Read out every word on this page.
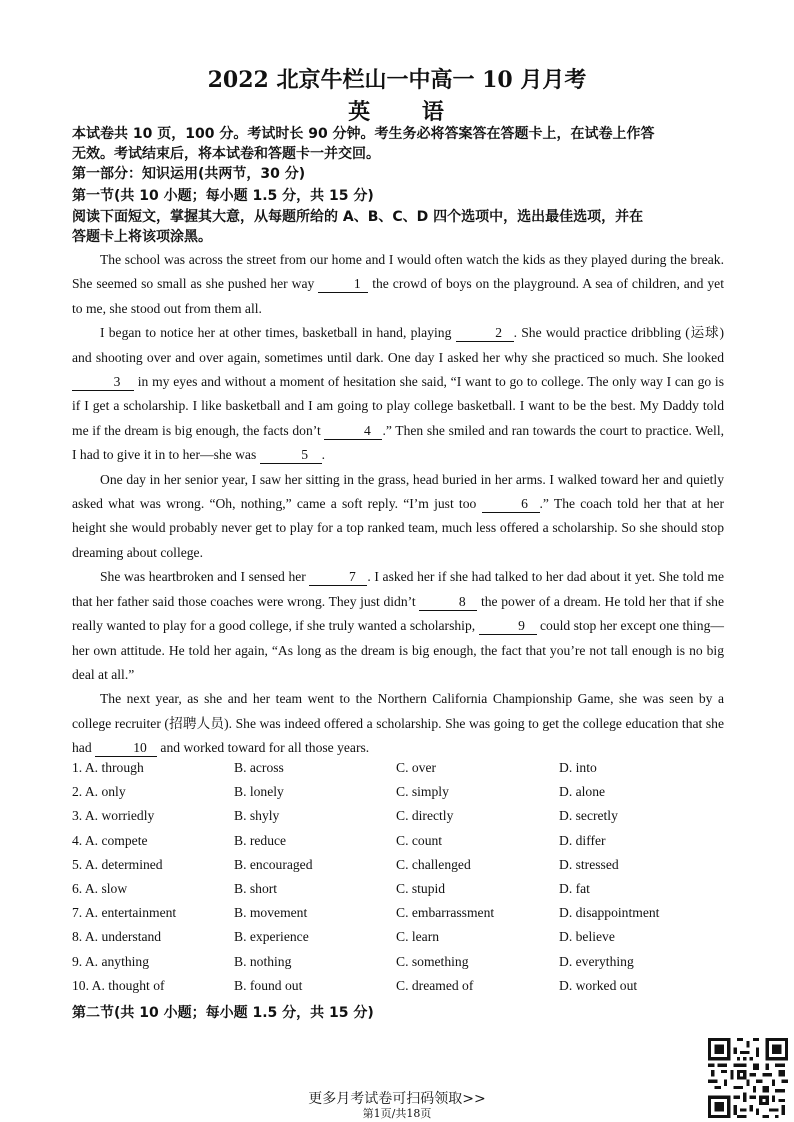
2022 北京牛栏山一中高一 10 月月考
英 语
本试卷共 10 页，100 分。考试时长 90 分钟。考生务必将答案答在答题卡上，在试卷上作答
无效。考试结束后，将本试卷和答题卡一并交回。
第一部分：知识运用(共两节，30 分)
第一节(共 10 小题；每小题 1.5 分，共 15 分)
阅读下面短文，掌握其大意，从每题所给的 A、B、C、D 四个选项中，选出最佳选项，并在
答题卡上将该项涂黑。

The school was across the street from our home and I would often watch the kids as they played during the break. She seemed so small as she pushed her way	1 the crowd of boys on the playground. A sea of children, and yet to me, she stood out from them all.

I began to notice her at other times, basketball in hand, playing	2 . She would practice dribbling (运球) and shooting over and over again, sometimes until dark. One day I asked her why she practiced so much. She looked 3 in my eyes and without a moment of hesitation she said, “I want to go to college. The only way I can go is if I get a scholarship. I like basketball and I am going to play college basketball. I want to be the best. My Daddy told me if the dream is big enough, the facts don’t	4 .” Then she smiled and ran towards the court to practice. Well, I had to give it in to her—she was	5 .

One day in her senior year, I saw her sitting in the grass, head buried in her arms. I walked toward her and quietly asked what was wrong. “Oh, nothing,” came a soft reply. “I’m just too	6 .” The coach told her that at her height she would probably never get to play for a top ranked team, much less offered a scholarship. So she should stop dreaming about college.

She was heartbroken and I sensed her	7 . I asked her if she had talked to her dad about it yet. She told me that her father said those coaches were wrong. They just didn’t	8 the power of a dream. He told her that if she really wanted to play for a good college, if she truly wanted a scholarship,	9 could stop her except one thing—her own attitude. He told her again, “As long as the dream is big enough, the fact that you’re not tall enough is no big deal at all.”

The next year, as she and her team went to the Northern California Championship Game, she was seen by a college recruiter (招聘人员). She was indeed offered a scholarship. She was going to get the college education that she had	10 and worked toward for all those years.

1. A. through	B. across	C. over	D. into
2. A. only	B. lonely	C. simply	D. alone
3. A. worriedly	B. shyly	C. directly	D. secretly
4. A. compete	B. reduce	C. count	D. differ
5. A. determined	B. encouraged	C. challenged	D. stressed
6. A. slow	B. short	C. stupid	D. fat
7. A. entertainment	B. movement	C. embarrassment	D. disappointment
8. A. understand	B. experience	C. learn	D. believe
9. A. anything	B. nothing	C. something	D. everything
10. A. thought of	B. found out	C. dreamed of	D. worked out
第二节(共 10 小题；每小题 1.5 分，共 15 分)
更多月考试卷可扫码领取>>
第1页/共18页
